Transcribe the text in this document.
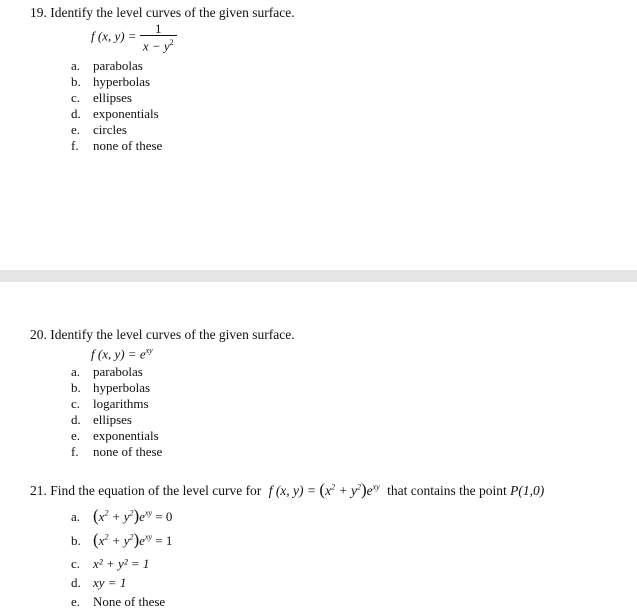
19. Identify the level curves of the given surface.
f (x, $y) = \frac{1}{x - y^2}$
a. parabolas
b. hyperbolas
c. ellipses
d. exponentials
e. circles
f. none of these
20. Identify the level curves of the given surface.
f (x, $y) = e^{xy}$
a. parabolas
b. hyperbolas
c. logarithms
d. ellipses
e. exponentials
f. none of these
21. Find the equation of the level curve for f (x, $y) = (x^2 + y^2)e^{xy}$ that contains the point P(1,0)
a. $(x^2 + y^2)e^{xy} = 0$
b. $(x^2 + y^2)e^{xy} = 1$
c. x² + y² = 1
d. xy = 1
e. None of these
